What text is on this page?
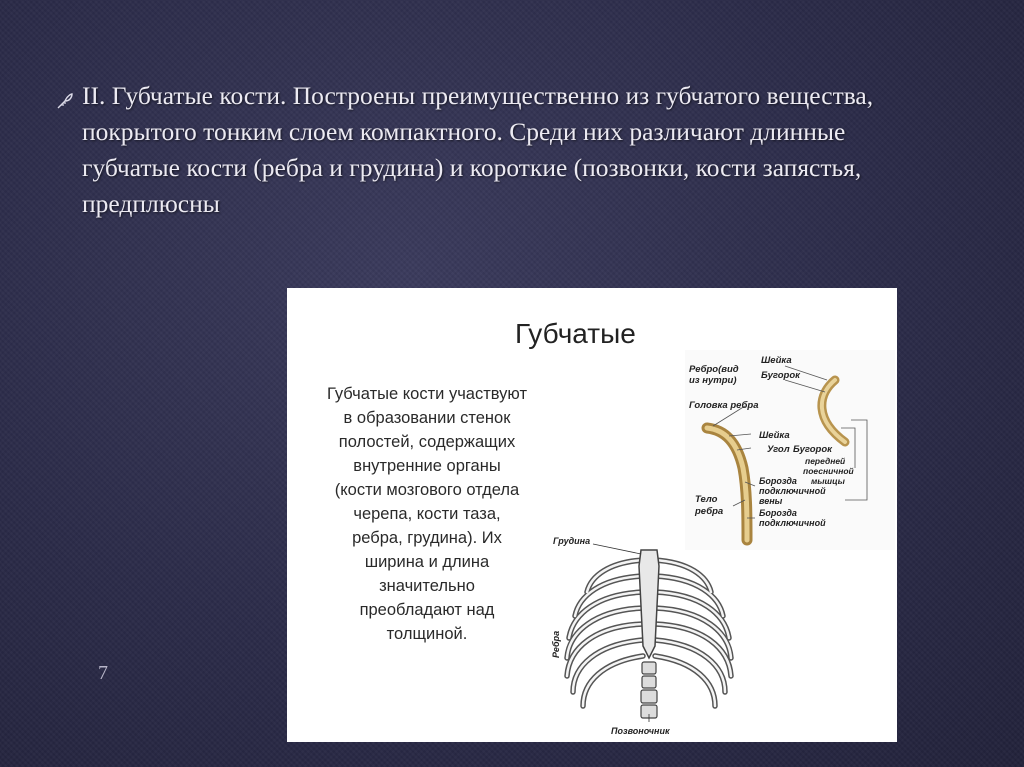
II. Губчатые кости. Построены преимущественно из губчатого вещества, покрытого тонким слоем компактного. Среди них различают длинные губчатые кости (ребра и грудина) и короткие (позвонки, кости запястья, предплюсны

7
Губчатые
Губчатые кости участвуют
в образовании стенок
полостей, содержащих
внутренние органы
(кости мозгового отдела
черепа, кости таза,
ребра, грудина). Их
ширина и длина
значительно
преобладают над
толщиной.
Ребро(вид
из нутри)
Шейка
Бугорок
Головка ребра
Шейка
Угол Бугорок
передней
поесничной
мышцы
Тело
ребра
Борозда
подключичной
вены
Борозда
подключичной
Грудина
Ребра
Позвоночник
